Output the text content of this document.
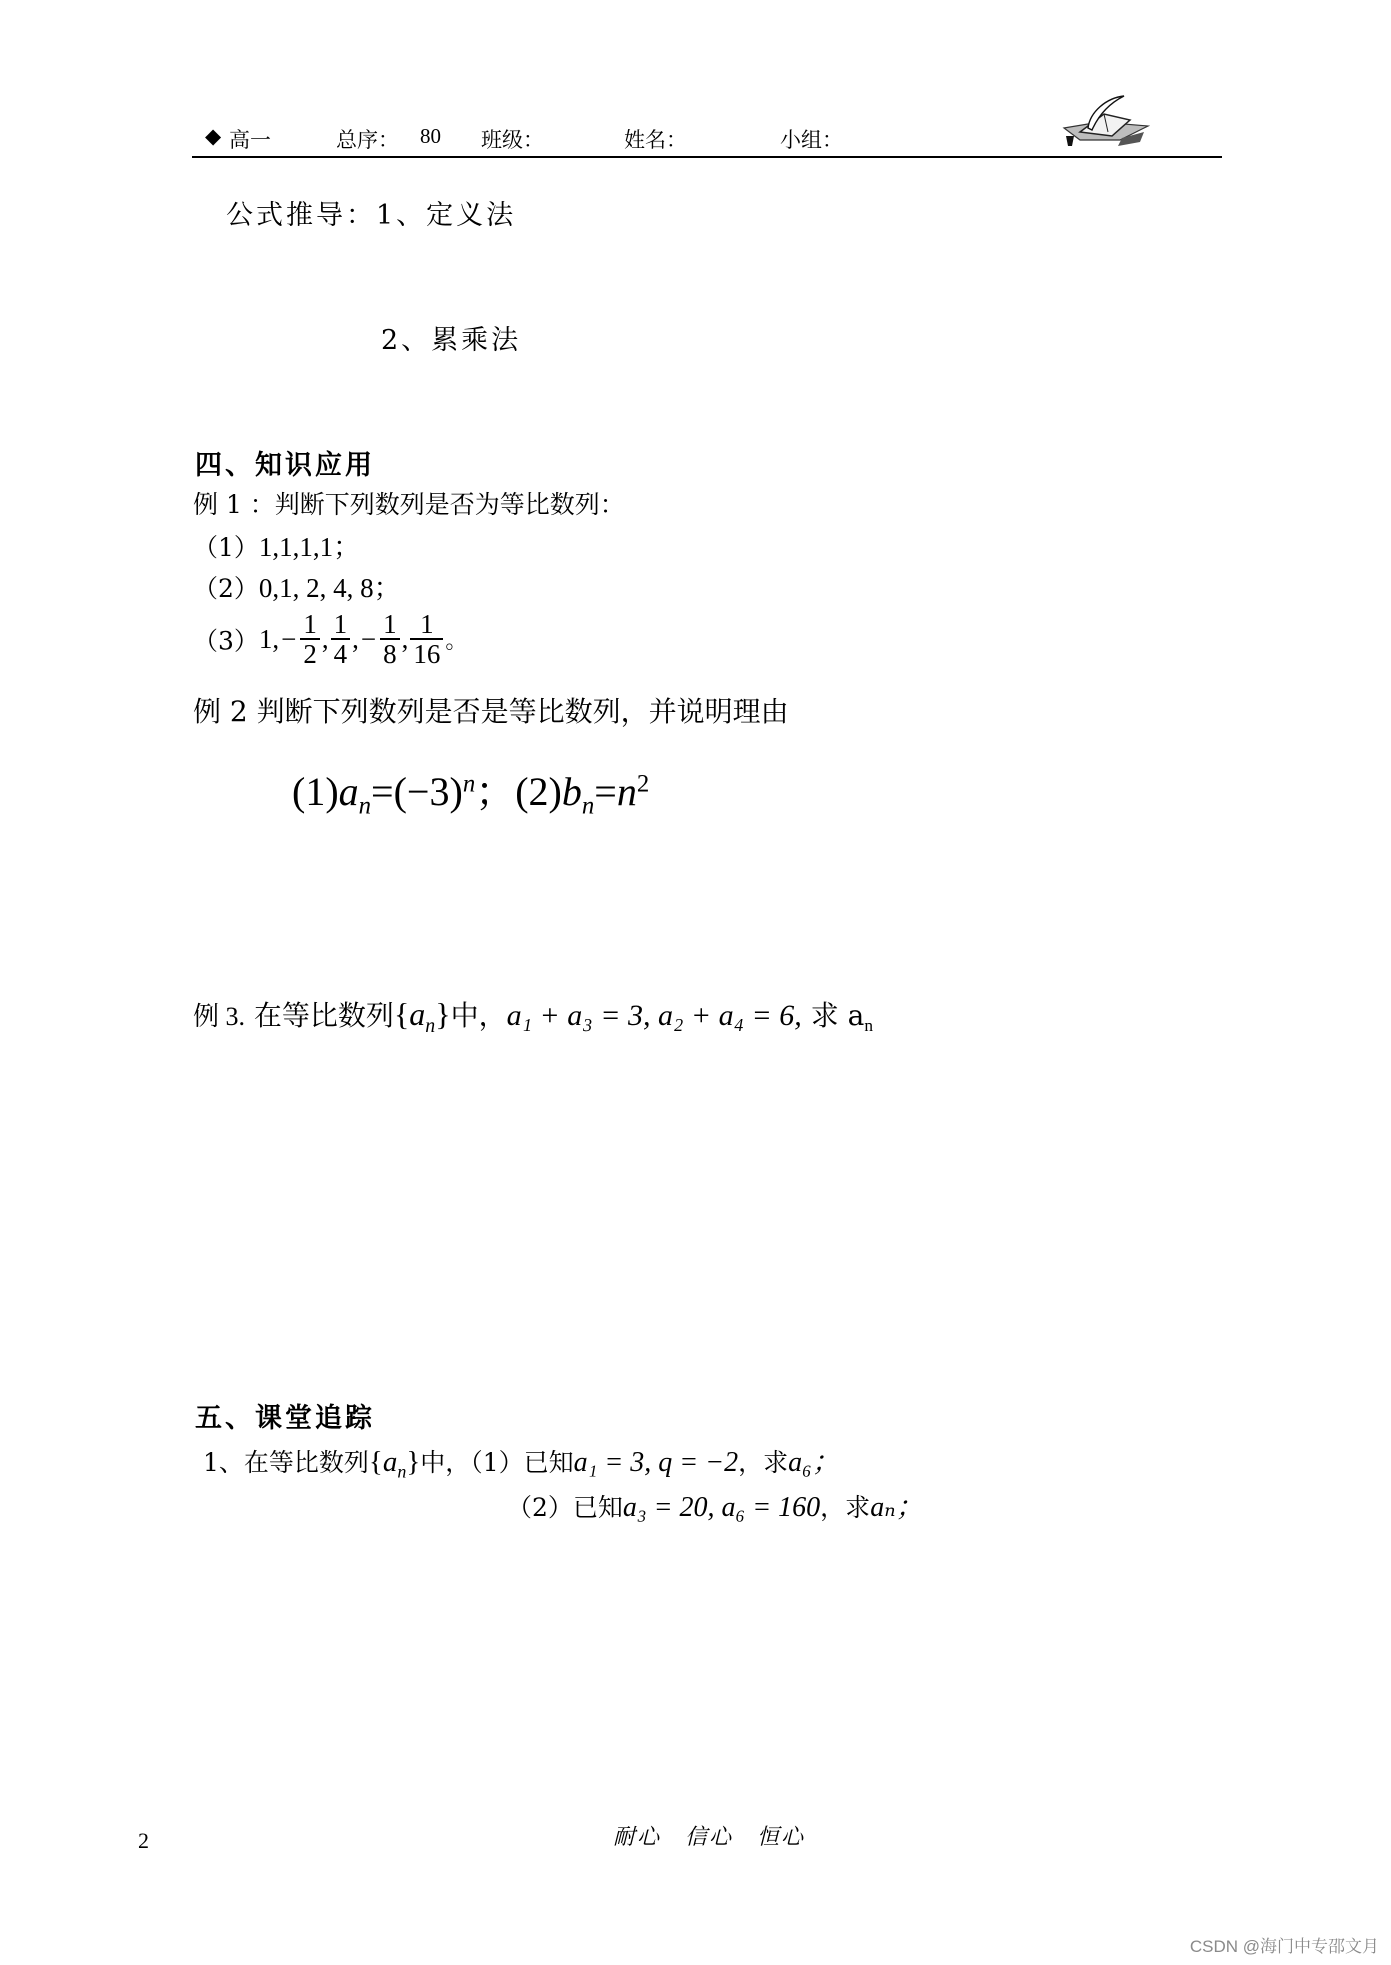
◆ 高一	总序： 80 班级：	姓名：	小组：
公式推导：1、定义法
2、累乘法
四、知识应用
例 1 ：判断下列数列是否为等比数列：
（1）1,1,1,1；
（2）0,1, 2, 4, 8；
$(3)1,- \frac{1}{2}$ , $\frac{1}{4}$ ,− $\frac{1}{8}$ , $\frac{1}{16}$ 。
例 2 判断下列数列是否是等比数列，并说明理由
$(1)a_n=(-3)^n$；$(2)b_n=n^2$
例 3. 在等比数列$\{a_n\}$中，a₁ + a₃ = 3, a₂ + a₄ = 6, 求 $a_n$
五、课堂追踪
1、在等比数列$\{a_n\}$中，（1）已知a₁ = 3, q = −2，求a₆；
（2）已知a₃ = 20, a₆ = 160，求aₙ；
2	耐心　信心　恒心
CSDN @海门中专邵文月
